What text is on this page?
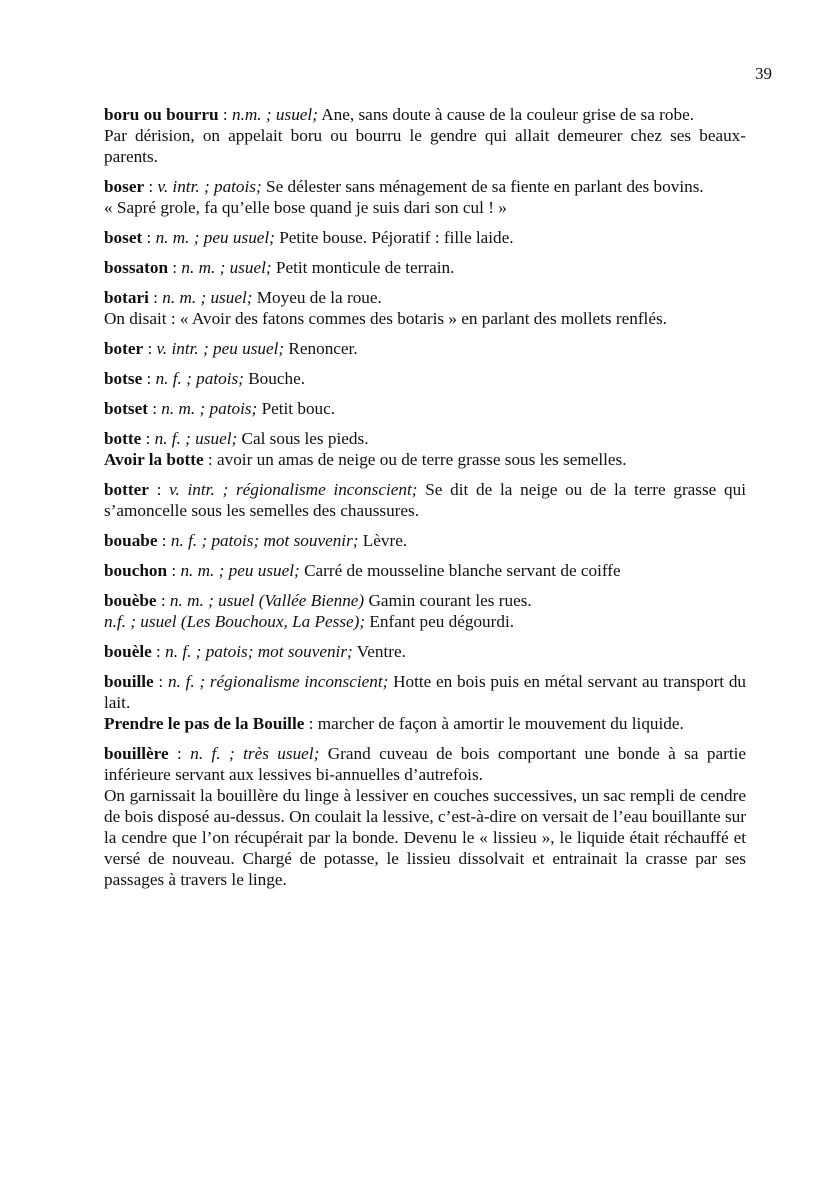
39

boru ou bourru : n.m. ; usuel; Ane, sans doute à cause de la couleur grise de sa robe.

Par dérision, on appelait boru ou bourru le gendre qui allait demeurer chez ses beaux-parents.

boser : v. intr. ; patois; Se délester sans ménagement de sa fiente en parlant des bovins.

« Sapré grole, fa qu’elle bose quand je suis dari son cul ! »

boset : n. m. ; peu usuel; Petite bouse. Péjoratif : fille laide.

bossaton : n. m. ; usuel; Petit monticule de terrain.

botari : n. m. ; usuel; Moyeu de la roue.

On disait : « Avoir des fatons commes des botaris » en parlant des mollets renflés.

boter : v. intr. ; peu usuel; Renoncer.

botse : n. f. ; patois; Bouche.

botset : n. m. ; patois; Petit bouc.

botte : n. f. ; usuel; Cal sous les pieds.

Avoir la botte : avoir un amas de neige ou de terre grasse sous les semelles.

botter : v. intr. ; régionalisme inconscient; Se dit de la neige ou de la terre grasse qui s’amoncelle sous les semelles des chaussures.

bouabe : n. f. ; patois; mot souvenir; Lèvre.

bouchon : n. m. ; peu usuel; Carré de mousseline blanche servant de coiffe

bouèbe : n. m. ; usuel (Vallée Bienne) Gamin courant les rues.

n.f. ; usuel (Les Bouchoux, La Pesse); Enfant peu dégourdi.

bouèle : n. f. ; patois; mot souvenir; Ventre.

bouille : n. f. ; régionalisme inconscient; Hotte en bois puis en métal servant au transport du lait.

Prendre le pas de la Bouille : marcher de façon à amortir le mouvement du liquide.

bouillère : n. f. ; très usuel; Grand cuveau de bois comportant une bonde à sa partie inférieure servant aux lessives bi-annuelles d’autrefois.

On garnissait la bouillère du linge à lessiver en couches successives, un sac rempli de cendre de bois disposé au-dessus. On coulait la lessive, c’est-à-dire on versait de l’eau bouillante sur la cendre que l’on récupérait par la bonde. Devenu le « lissieu », le liquide était réchauffé et versé de nouveau. Chargé de potasse, le lissieu dissolvait et entrainait la crasse par ses passages à travers le linge.
